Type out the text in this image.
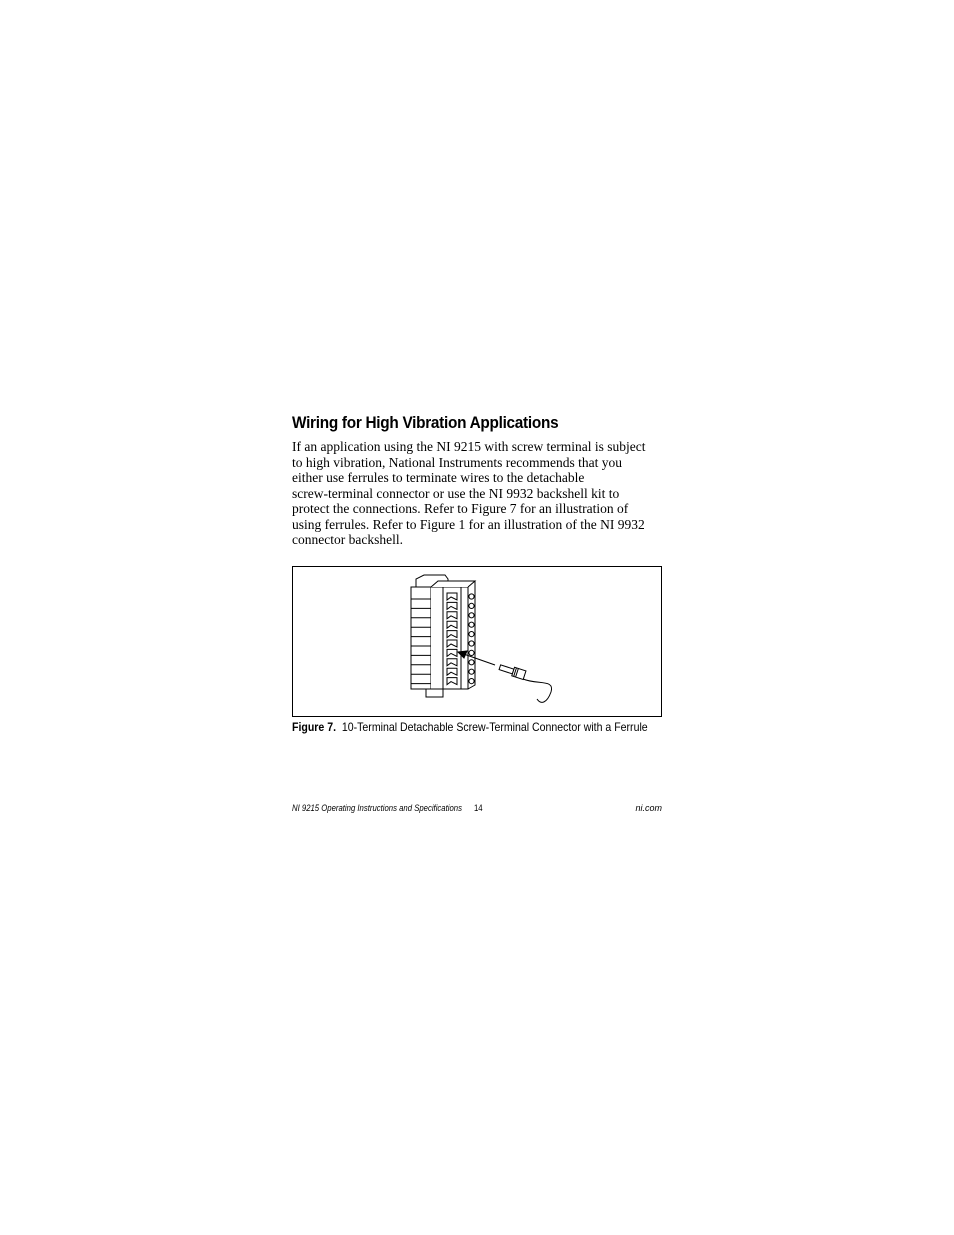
Wiring for High Vibration Applications
If an application using the NI 9215 with screw terminal is subject
to high vibration, National Instruments recommends that you
either use ferrules to terminate wires to the detachable
screw-terminal connector or use the NI 9932 backshell kit to
protect the connections. Refer to Figure 7 for an illustration of
using ferrules. Refer to Figure 1 for an illustration of the NI 9932
connector backshell.
Figure 7. 10-Terminal Detachable Screw-Terminal Connector with a Ferrule
NI 9215 Operating Instructions and Specifications 14	ni.com
